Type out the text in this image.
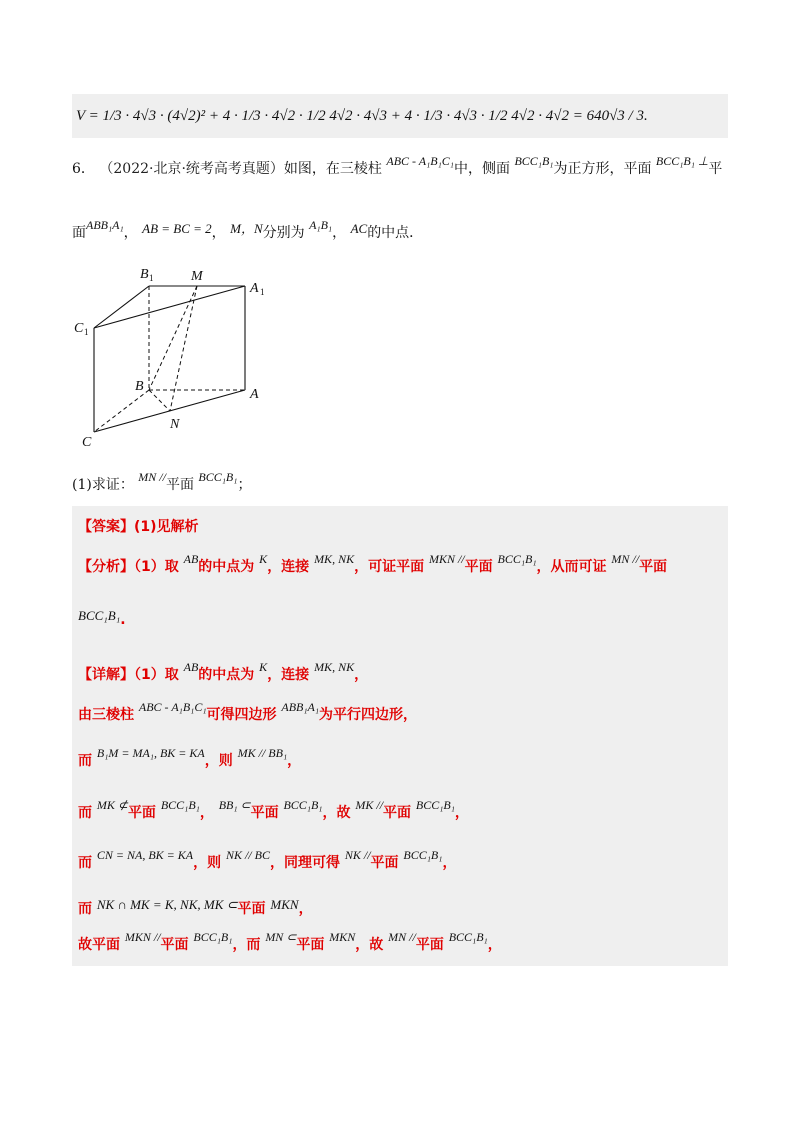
V = 1/3 · 4√3 · (4√2)² + 4 · 1/3 · 4√2 · 1/2 4√2 · 4√3 + 4 · 1/3 · 4√3 · 1/2 4√2 · 4√2 = 640√3 / 3.
6． （2022·北京·统考高考真题）如图，在三棱柱 ABC - A₁B₁C₁中，侧面 BCC₁B₁为正方形，平面 BCC₁B₁ ⊥平
面ABB₁A₁， AB = BC = 2， M，N分别为 A₁B₁， AC的中点．
B 1	M
A 1
C 1
B
A
N
C
(1)求证： MN //平面 BCC₁B₁；
【答案】(1)见解析
【分析】（1）取 AB的中点为 K，连接 MK, NK，可证平面 MKN //平面 BCC₁B₁，从而可证 MN //平面
BCC₁B₁.
【详解】（1）取 AB的中点为 K，连接 MK, NK，
由三棱柱 ABC - A₁B₁C₁可得四边形 ABB₁A₁为平行四边形，
而 B₁M = MA₁, BK = KA，则 MK // BB₁，
而 MK ⊄平面 BCC₁B₁， BB₁ ⊂平面 BCC₁B₁，故 MK //平面 BCC₁B₁，
而 CN = NA, BK = KA，则 NK // BC，同理可得 NK //平面 BCC₁B₁，
而 NK ∩ MK = K, NK, MK ⊂平面 MKN，
故平面 MKN //平面 BCC₁B₁，而 MN ⊂平面 MKN，故 MN //平面 BCC₁B₁，
